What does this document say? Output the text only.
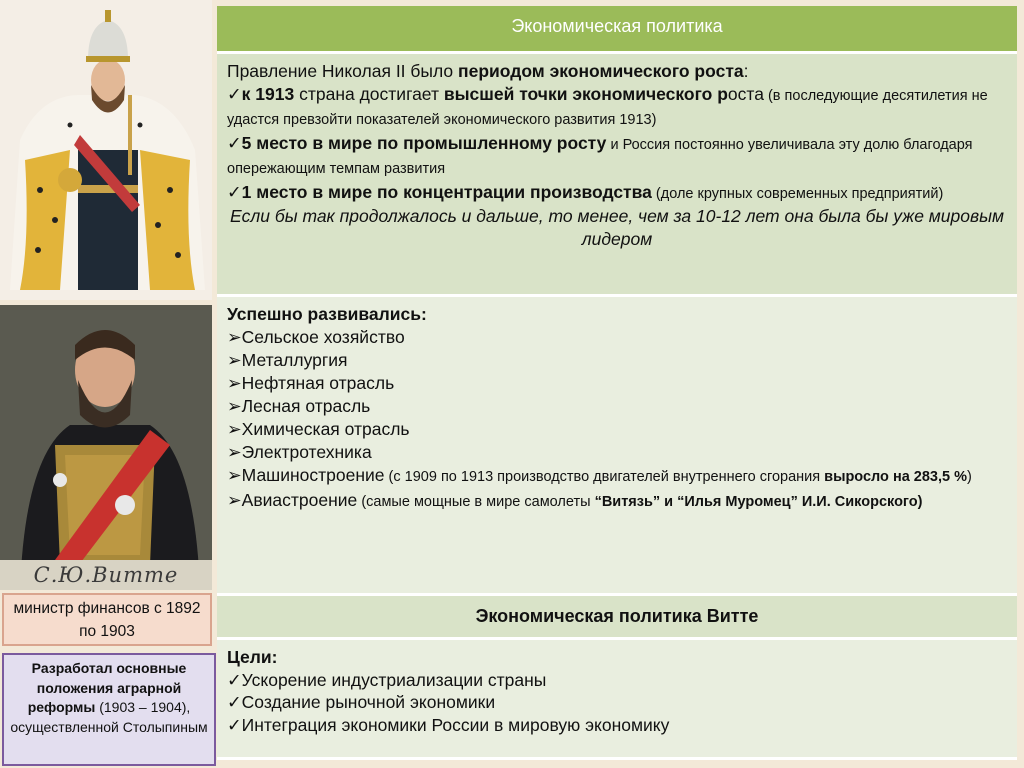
С.Ю.Витте
министр финансов с 1892 по 1903
Разработал основные положения аграрной реформы (1903 – 1904),
осуществленной Столыпиным
Экономическая политика
Правление Николая II было периодом экономического роста:
✓к 1913 страна достигает высшей точки экономического роста (в последующие десятилетия не удастся превзойти показателей экономического развития 1913)
✓5 место в мире по промышленному росту и Россия постоянно увеличивала эту долю благодаря опережающим темпам развития
✓1 место в мире по концентрации производства (доле крупных современных предприятий)
Если бы так продолжалось и дальше, то менее, чем за 10-12 лет она была бы уже мировым лидером
Успешно развивались:
➢Сельское хозяйство
➢Металлургия
➢Нефтяная отрасль
➢Лесная отрасль
➢Химическая отрасль
➢Электротехника
➢Машиностроение (с 1909 по 1913 производство двигателей внутреннего сгорания выросло на 283,5 %)
➢Авиастроение (самые мощные в мире самолеты “Витязь” и “Илья Муромец” И.И. Сикорского)
Экономическая политика Витте
Цели:
✓Ускорение индустриализации страны
✓Создание рыночной экономики
✓Интеграция экономики России в мировую экономику
